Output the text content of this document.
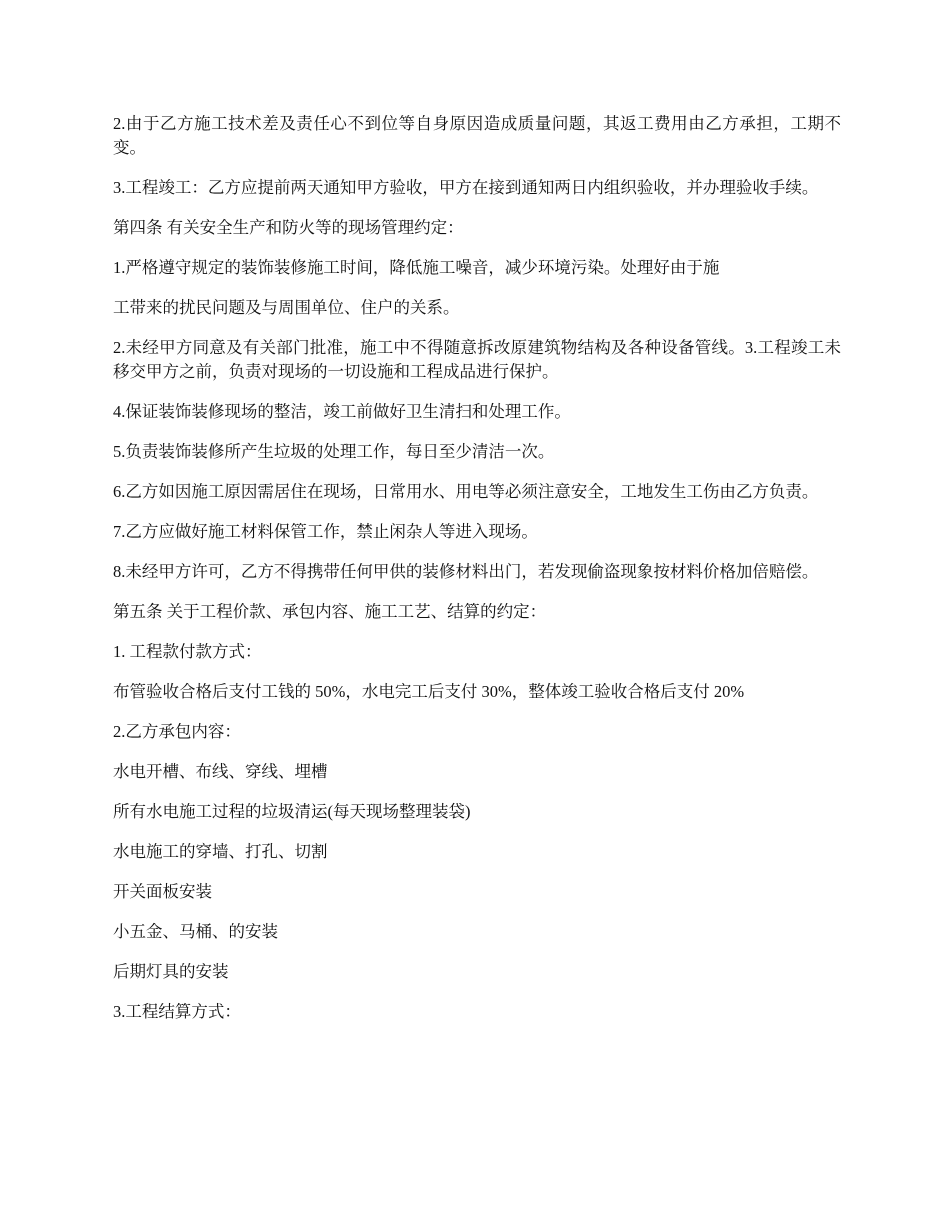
2.由于乙方施工技术差及责任心不到位等自身原因造成质量问题，其返工费用由乙方承担，工期不变。

3.工程竣工：乙方应提前两天通知甲方验收，甲方在接到通知两日内组织验收，并办理验收手续。

第四条 有关安全生产和防火等的现场管理约定：

1.严格遵守规定的装饰装修施工时间，降低施工噪音，减少环境污染。处理好由于施

工带来的扰民问题及与周围单位、住户的关系。

2.未经甲方同意及有关部门批准，施工中不得随意拆改原建筑物结构及各种设备管线。3.工程竣工未移交甲方之前，负责对现场的一切设施和工程成品进行保护。

4.保证装饰装修现场的整洁，竣工前做好卫生清扫和处理工作。

5.负责装饰装修所产生垃圾的处理工作，每日至少清洁一次。

6.乙方如因施工原因需居住在现场，日常用水、用电等必须注意安全，工地发生工伤由乙方负责。

7.乙方应做好施工材料保管工作，禁止闲杂人等进入现场。

8.未经甲方许可，乙方不得携带任何甲供的装修材料出门，若发现偷盗现象按材料价格加倍赔偿。

第五条 关于工程价款、承包内容、施工工艺、结算的约定：

1. 工程款付款方式：

布管验收合格后支付工钱的 50%，水电完工后支付 30%，整体竣工验收合格后支付 20%

2.乙方承包内容：

水电开槽、布线、穿线、埋槽

所有水电施工过程的垃圾清运(每天现场整理装袋)

水电施工的穿墙、打孔、切割

开关面板安装

小五金、马桶、的安装

后期灯具的安装

3.工程结算方式：
